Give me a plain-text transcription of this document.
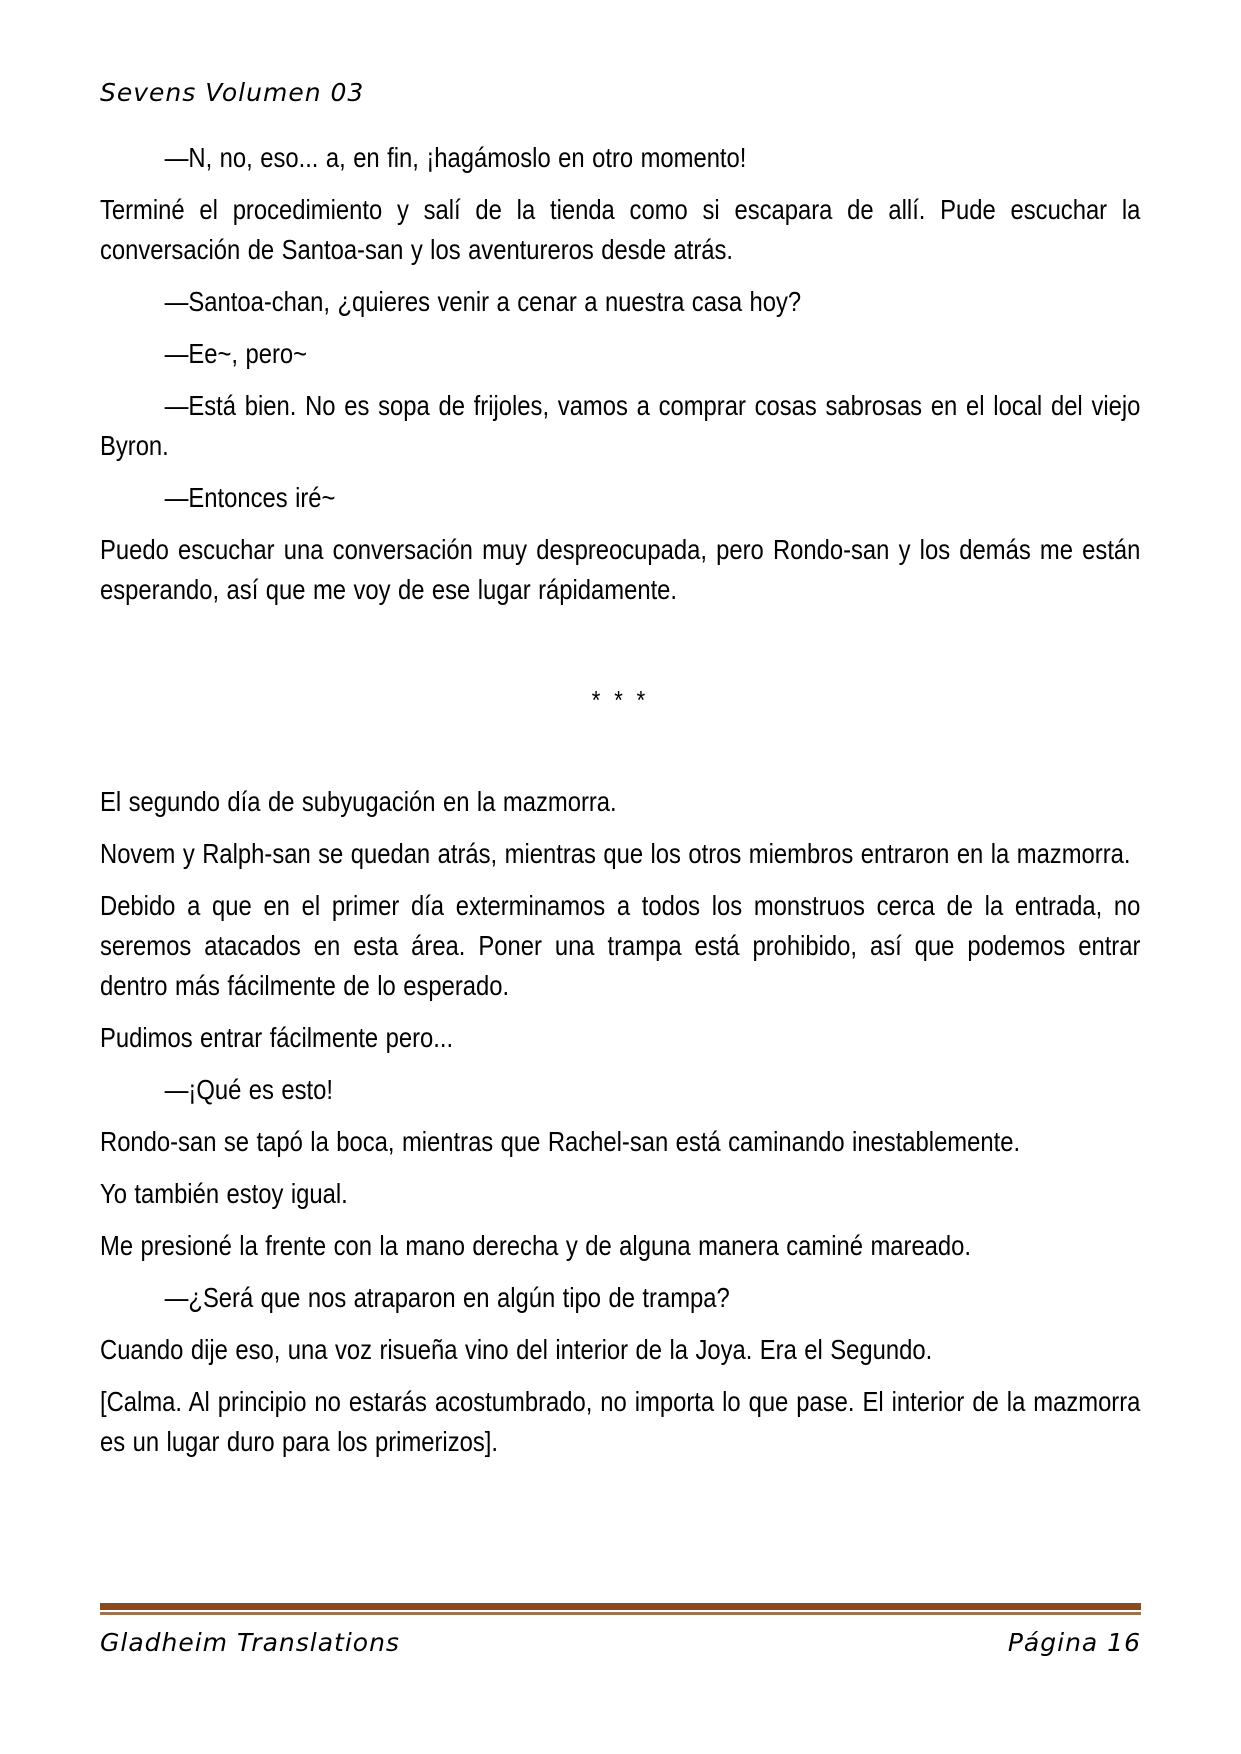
Sevens Volumen 03

—N, no, eso... a, en fin, ¡hagámoslo en otro momento!

Terminé el procedimiento y salí de la tienda como si escapara de allí. Pude escuchar la conversación de Santoa-san y los aventureros desde atrás.

—Santoa-chan, ¿quieres venir a cenar a nuestra casa hoy?

—Ee~, pero~

—Está bien. No es sopa de frijoles, vamos a comprar cosas sabrosas en el local del viejo Byron.

—Entonces iré~

Puedo escuchar una conversación muy despreocupada, pero Rondo-san y los demás me están esperando, así que me voy de ese lugar rápidamente.

* * *

El segundo día de subyugación en la mazmorra.

Novem y Ralph-san se quedan atrás, mientras que los otros miembros entraron en la mazmorra.

Debido a que en el primer día exterminamos a todos los monstruos cerca de la entrada, no seremos atacados en esta área. Poner una trampa está prohibido, así que podemos entrar dentro más fácilmente de lo esperado.

Pudimos entrar fácilmente pero...

—¡Qué es esto!

Rondo-san se tapó la boca, mientras que Rachel-san está caminando inestablemente.

Yo también estoy igual.

Me presioné la frente con la mano derecha y de alguna manera caminé mareado.

—¿Será que nos atraparon en algún tipo de trampa?

Cuando dije eso, una voz risueña vino del interior de la Joya. Era el Segundo.

[Calma. Al principio no estarás acostumbrado, no importa lo que pase. El interior de la mazmorra es un lugar duro para los primerizos].

Gladheim Translations	Página 16
